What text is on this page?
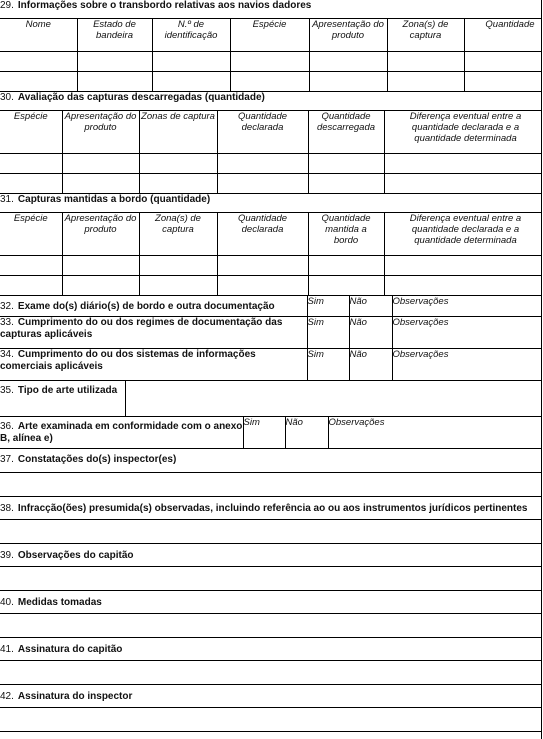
29. Informações sobre o transbordo relativas aos navios dadores						
Nome	Estado de bandeira	N.º de identificação	Espécie	Apresentação do produto	Zona(s) de captura	Quantidade

30. Avaliação das capturas descarregadas (quantidade)					
Espécie	Apresentação do produto	Zonas de captura	Quantidade declarada	Quantidade descarregada	Diferença eventual entre a quantidade declarada e a quantidade determinada

31. Capturas mantidas a bordo (quantidade)					
Espécie	Apresentação do produto	Zona(s) de captura	Quantidade declarada	Quantidade mantida a bordo	Diferença eventual entre a quantidade declarada e a quantidade determinada

32. Exame do(s) diário(s) de bordo e outra documentação	Sim	Não	Observações
33. Cumprimento do ou dos regimes de documentação das capturas aplicáveis	Sim	Não	Observações
34. Cumprimento do ou dos sistemas de informações comerciais aplicáveis	Sim	Não	Observações
35. Tipo de arte utilizada	
36. Arte examinada em conformidade com o anexo B, alínea e)	Sim	Não	Observações
37. Constatações do(s) inspector(es)

38. Infracção(ões) presumida(s) observadas, incluindo referência ao ou aos instrumentos jurídicos pertinentes

39. Observações do capitão

40. Medidas tomadas

41. Assinatura do capitão

42. Assinatura do inspector
